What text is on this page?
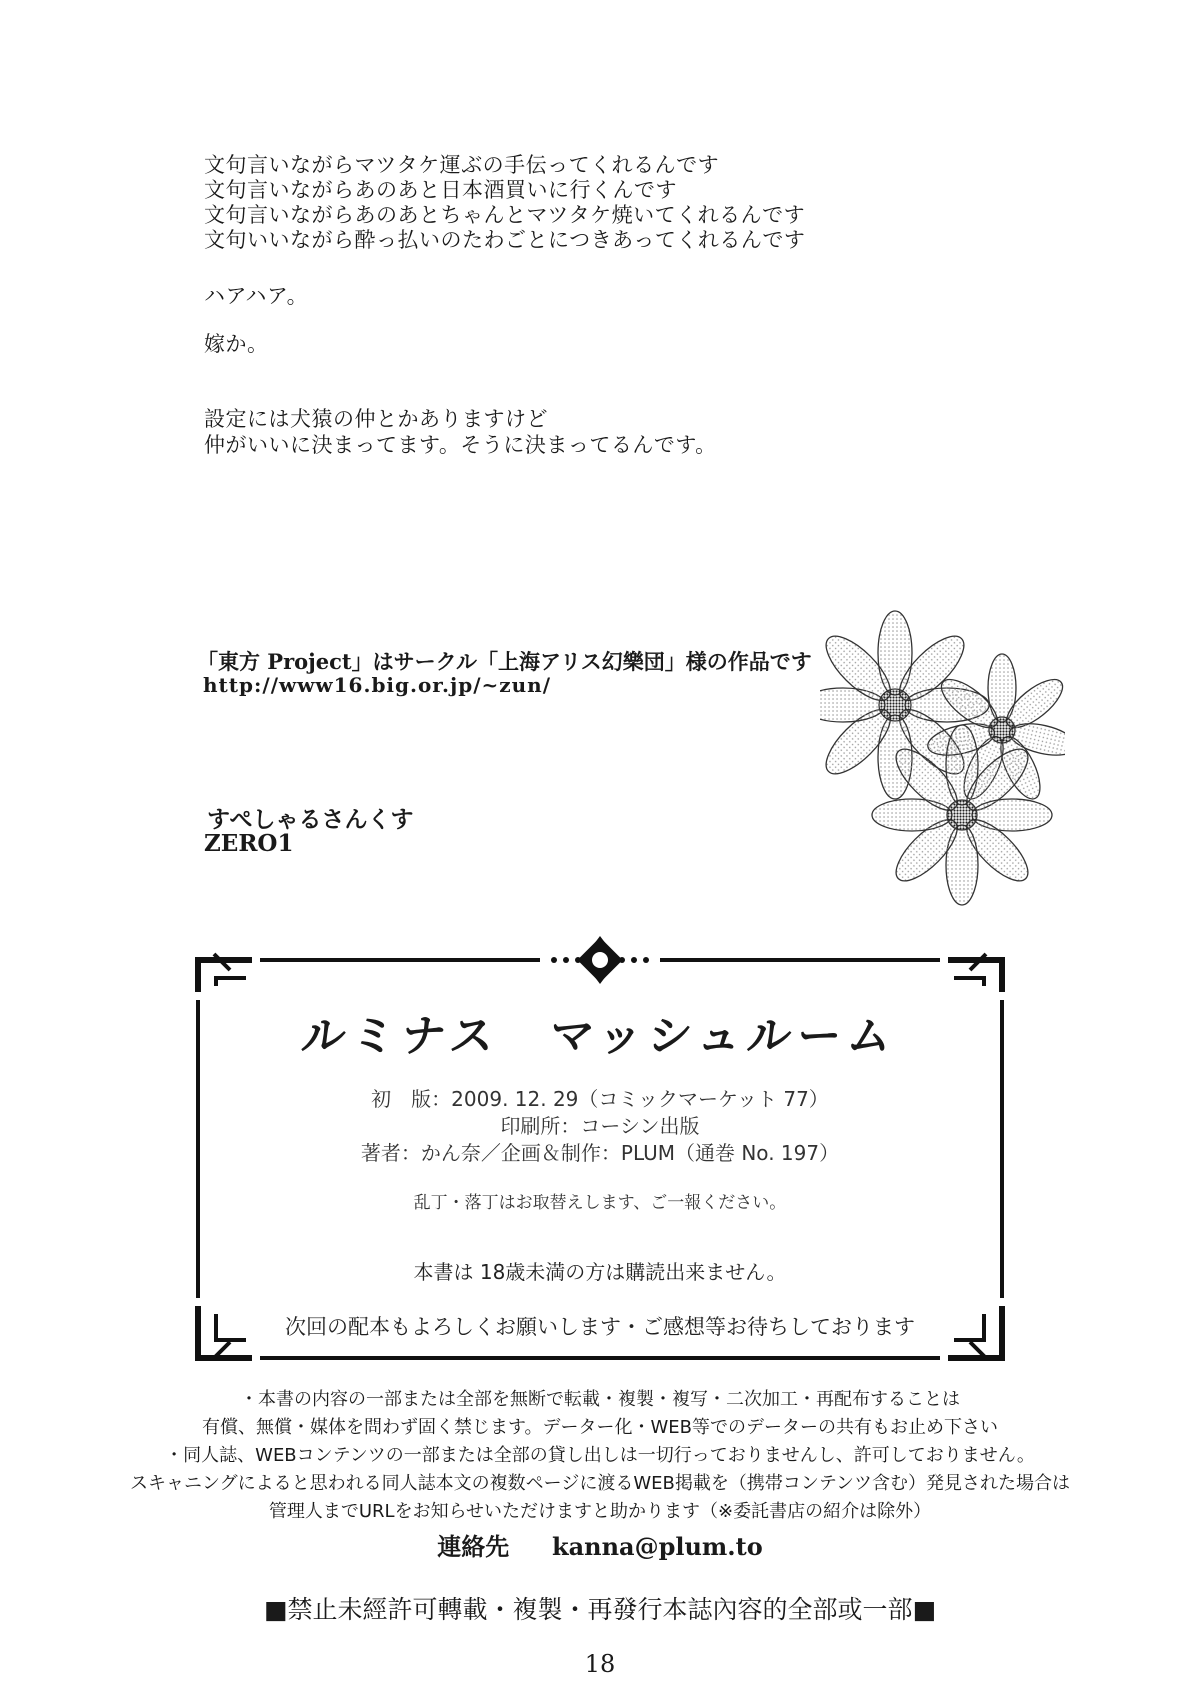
文句言いながらマツタケ運ぶの手伝ってくれるんです
文句言いながらあのあと日本酒買いに行くんです
文句言いながらあのあとちゃんとマツタケ焼いてくれるんです
文句いいながら酔っ払いのたわごとにつきあってくれるんです
ハアハア。
嫁か。
設定には犬猿の仲とかありますけど
仲がいいに決まってます。そうに決まってるんです。
「東方 Project」はサークル「上海アリス幻樂団」様の作品です
http://www16.big.or.jp/~zun/
すぺしゃるさんくす
ZERO1
ルミナス　マッシュルーム
初　版：2009. 12. 29（コミックマーケット 77）
印刷所：コーシン出版
著者：かん奈／企画＆制作：PLUM（通巻 No. 197）
乱丁・落丁はお取替えします、ご一報ください。
本書は 18歳未満の方は購読出来ません。
次回の配本もよろしくお願いします・ご感想等お待ちしております
・本書の内容の一部または全部を無断で転載・複製・複写・二次加工・再配布することは
有償、無償・媒体を問わず固く禁じます。データー化・WEB等でのデーターの共有もお止め下さい
・同人誌、WEBコンテンツの一部または全部の貸し出しは一切行っておりませんし、許可しておりません。
スキャニングによると思われる同人誌本文の複数ページに渡るWEB掲載を（携帯コンテンツ含む）発見された場合は
管理人までURLをお知らせいただけますと助かります（※委託書店の紹介は除外）
連絡先 kanna@plum.to
■禁止未經許可轉載・複製・再發行本誌內容的全部或一部■
18
